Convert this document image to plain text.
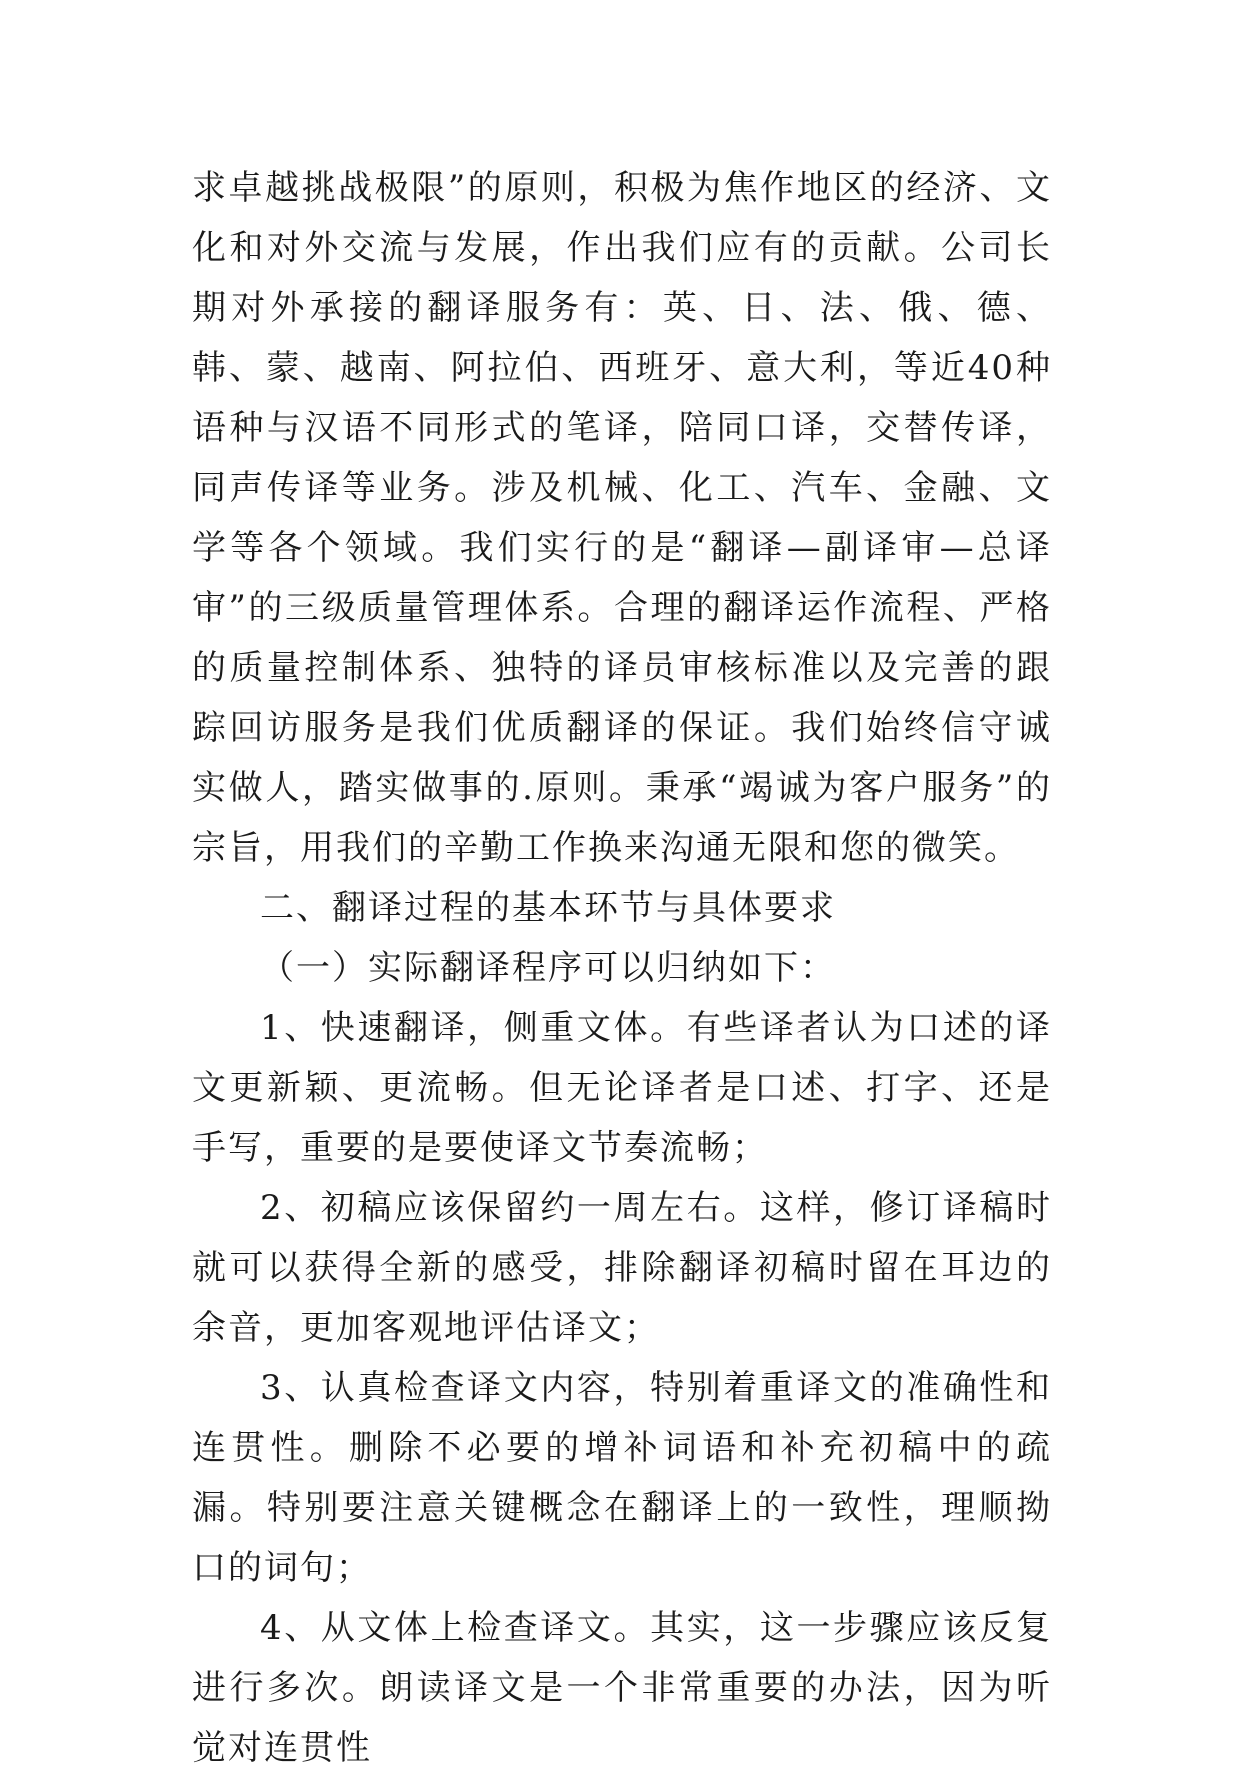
求卓越挑战极限”的原则，积极为焦作地区的经济、文化和对外交流与发展，作出我们应有的贡献。公司长期对外承接的翻译服务有：英、日、法、俄、德、韩、蒙、越南、阿拉伯、西班牙、意大利，等近40种语种与汉语不同形式的笔译，陪同口译，交替传译，同声传译等业务。涉及机械、化工、汽车、金融、文学等各个领域。我们实行的是“翻译—副译审—总译审”的三级质量管理体系。合理的翻译运作流程、严格的质量控制体系、独特的译员审核标准以及完善的跟踪回访服务是我们优质翻译的保证。我们始终信守诚实做人，踏实做事的.原则。秉承“竭诚为客户服务”的宗旨，用我们的辛勤工作换来沟通无限和您的微笑。

二、翻译过程的基本环节与具体要求

（一）实际翻译程序可以归纳如下：

1、快速翻译，侧重文体。有些译者认为口述的译文更新颖、更流畅。但无论译者是口述、打字、还是手写，重要的是要使译文节奏流畅；

2、初稿应该保留约一周左右。这样，修订译稿时就可以获得全新的感受，排除翻译初稿时留在耳边的余音，更加客观地评估译文；

3、认真检查译文内容，特别着重译文的准确性和连贯性。删除不必要的增补词语和补充初稿中的疏漏。特别要注意关键概念在翻译上的一致性，理顺拗口的词句；

4、从文体上检查译文。其实，这一步骤应该反复进行多次。朗读译文是一个非常重要的办法，因为听觉对连贯性
